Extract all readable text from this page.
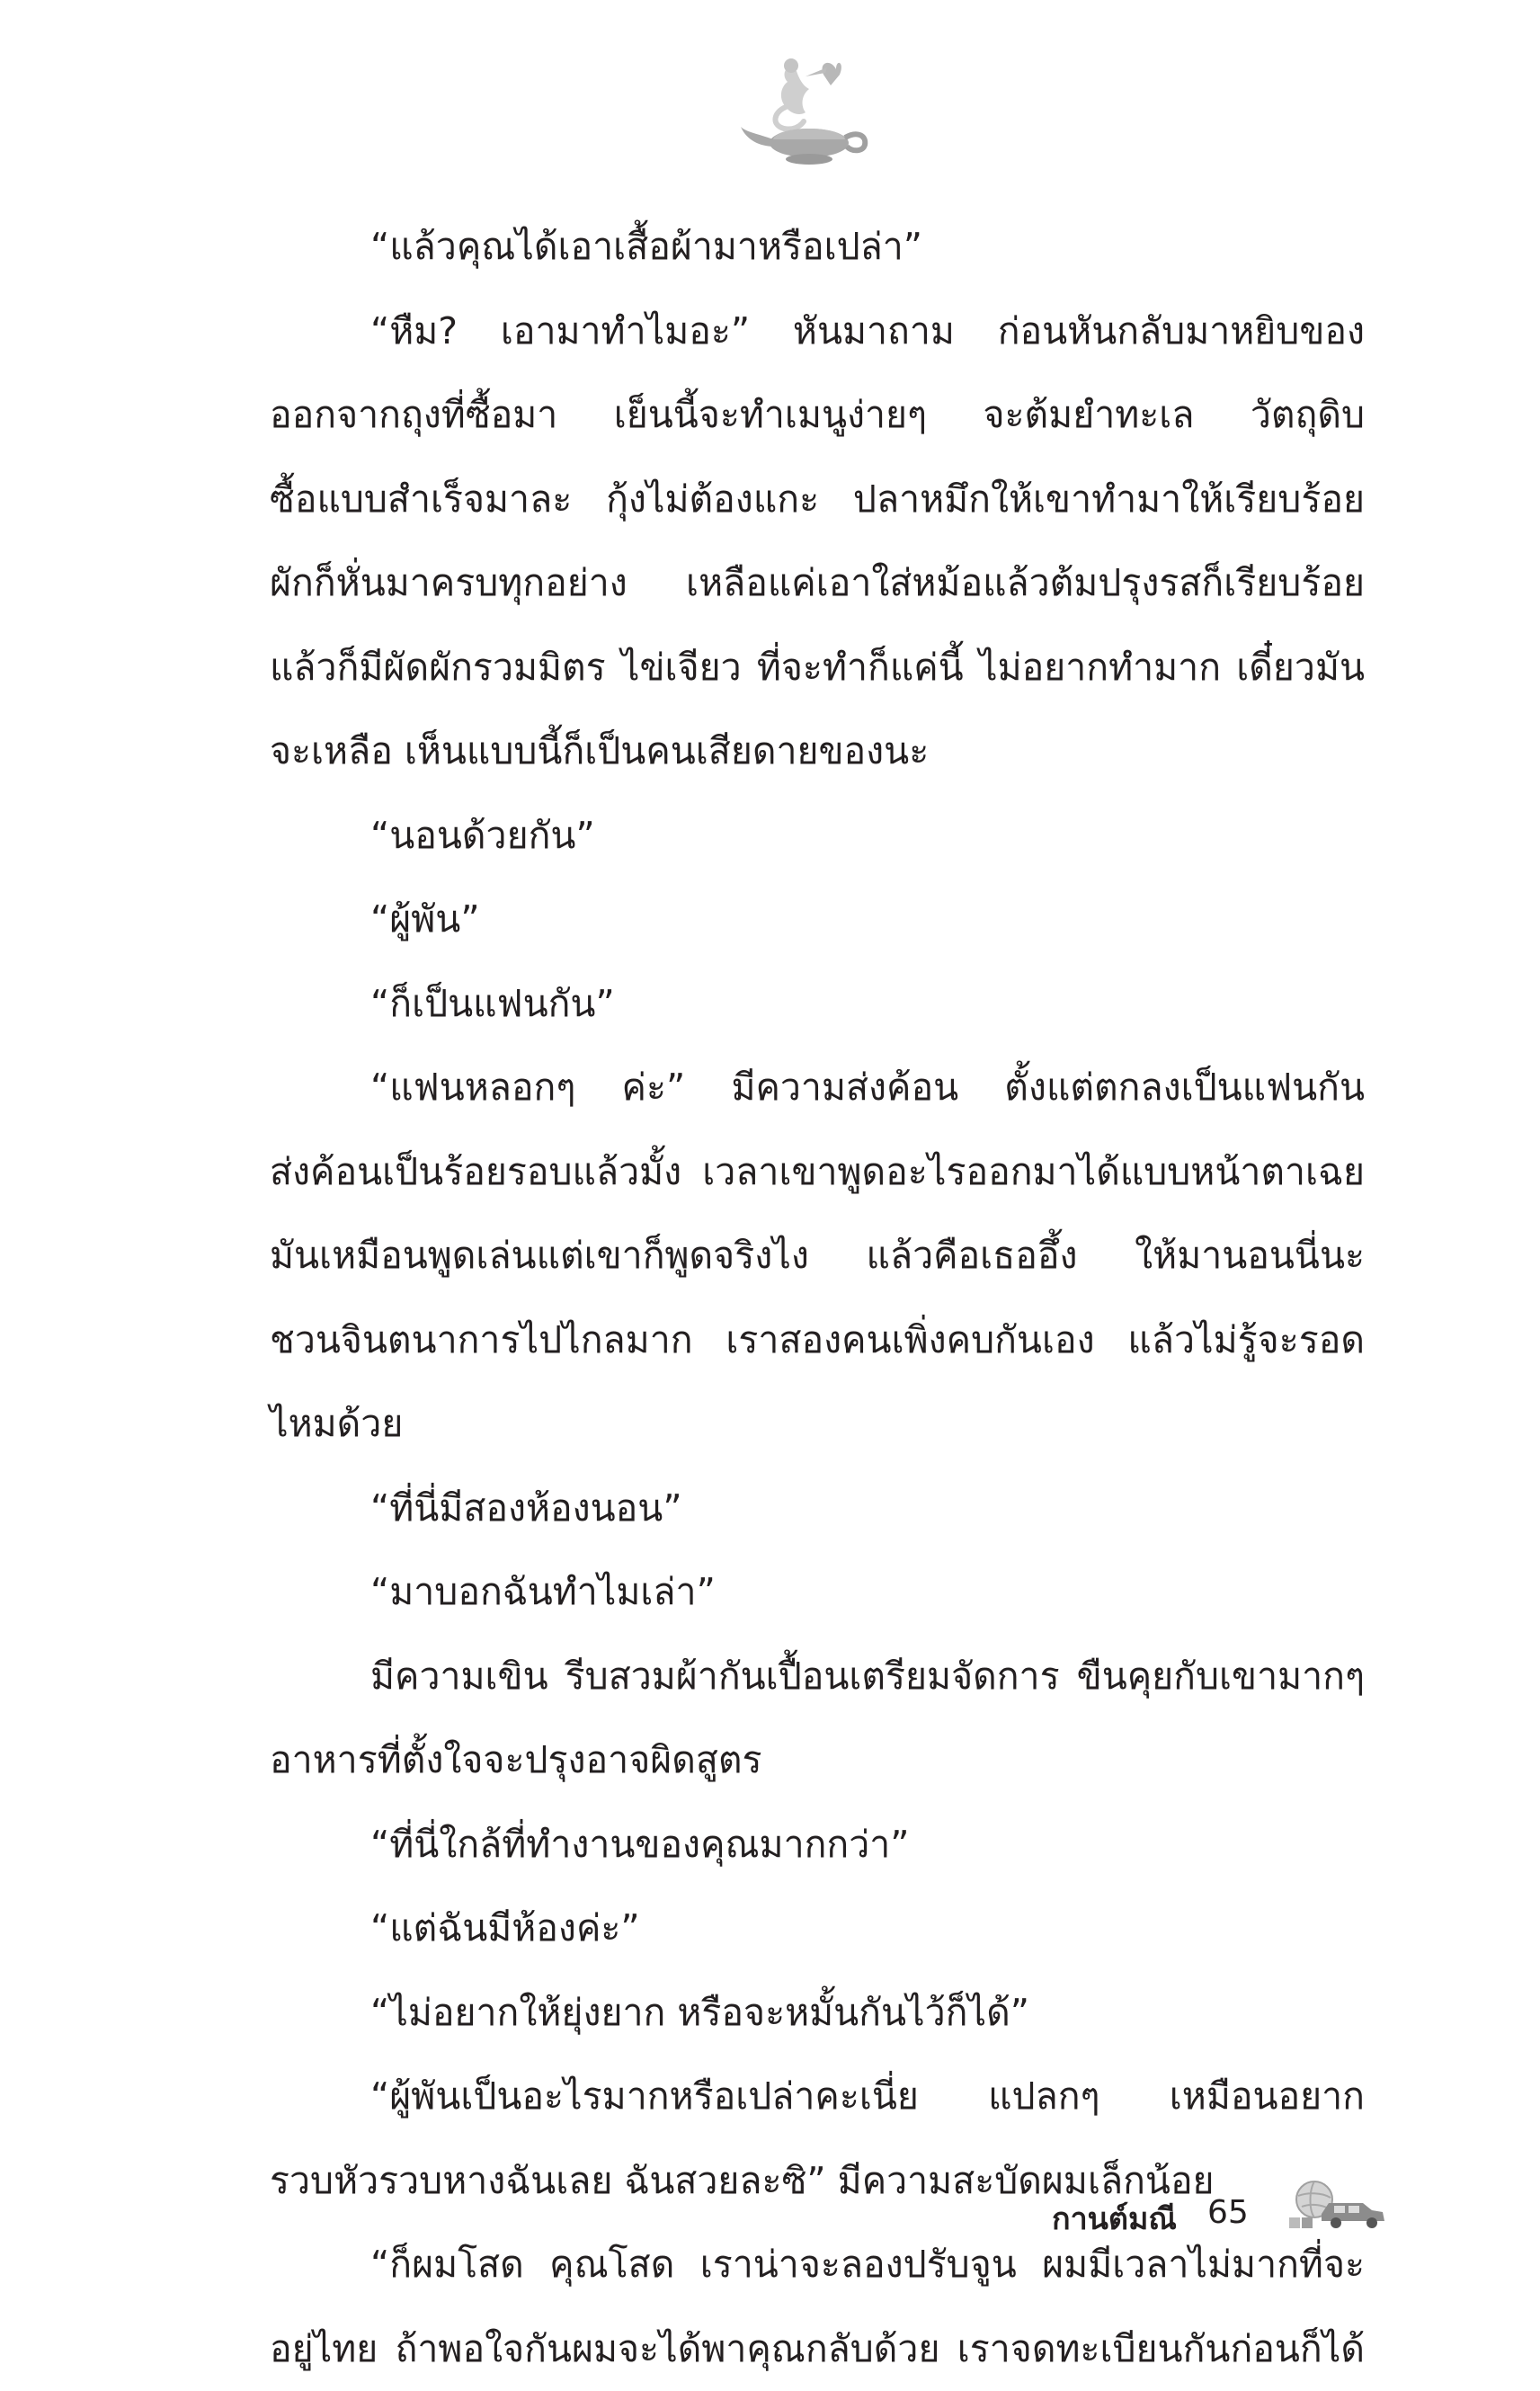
“แล้วคุณได้เอาเสื้อผ้ามาหรือเปล่า”

“หืม? เอามาทำไมอะ” หันมาถาม ก่อนหันกลับมาหยิบของ
ออกจากถุงที่ซื้อมา เย็นนี้จะทำเมนูง่ายๆ จะต้มยำทะเล วัตถุดิบ
ซื้อแบบสำเร็จมาละ กุ้งไม่ต้องแกะ ปลาหมึกให้เขาทำมาให้เรียบร้อย
ผักก็หั่นมาครบทุกอย่าง เหลือแค่เอาใส่หม้อแล้วต้มปรุงรสก็เรียบร้อย
แล้วก็มีผัดผักรวมมิตร ไข่เจียว ที่จะทำก็แค่นี้ ไม่อยากทำมาก เดี๋ยวมัน
จะเหลือ เห็นแบบนี้ก็เป็นคนเสียดายของนะ

“นอนด้วยกัน”

“ผู้พัน”

“ก็เป็นแฟนกัน”

“แฟนหลอกๆ ค่ะ” มีความส่งค้อน ตั้งแต่ตกลงเป็นแฟนกัน
ส่งค้อนเป็นร้อยรอบแล้วมั้ง เวลาเขาพูดอะไรออกมาได้แบบหน้าตาเฉย
มันเหมือนพูดเล่นแต่เขาก็พูดจริงไง แล้วคือเธออึ้ง ให้มานอนนี่นะ
ชวนจินตนาการไปไกลมาก เราสองคนเพิ่งคบกันเอง แล้วไม่รู้จะรอด
ไหมด้วย

“ที่นี่มีสองห้องนอน”

“มาบอกฉันทำไมเล่า”

มีความเขิน รีบสวมผ้ากันเปื้อนเตรียมจัดการ ขืนคุยกับเขามากๆ
อาหารที่ตั้งใจจะปรุงอาจผิดสูตร

“ที่นี่ใกล้ที่ทำงานของคุณมากกว่า”

“แต่ฉันมีห้องค่ะ”

“ไม่อยากให้ยุ่งยาก หรือจะหมั้นกันไว้ก็ได้”

“ผู้พันเป็นอะไรมากหรือเปล่าคะเนี่ย แปลกๆ เหมือนอยาก
รวบหัวรวบหางฉันเลย ฉันสวยละซิ” มีความสะบัดผมเล็กน้อย

“ก็ผมโสด คุณโสด เราน่าจะลองปรับจูน ผมมีเวลาไม่มากที่จะ
อยู่ไทย ถ้าพอใจกันผมจะได้พาคุณกลับด้วย เราจดทะเบียนกันก่อนก็ได้

กานต์มณี 65
